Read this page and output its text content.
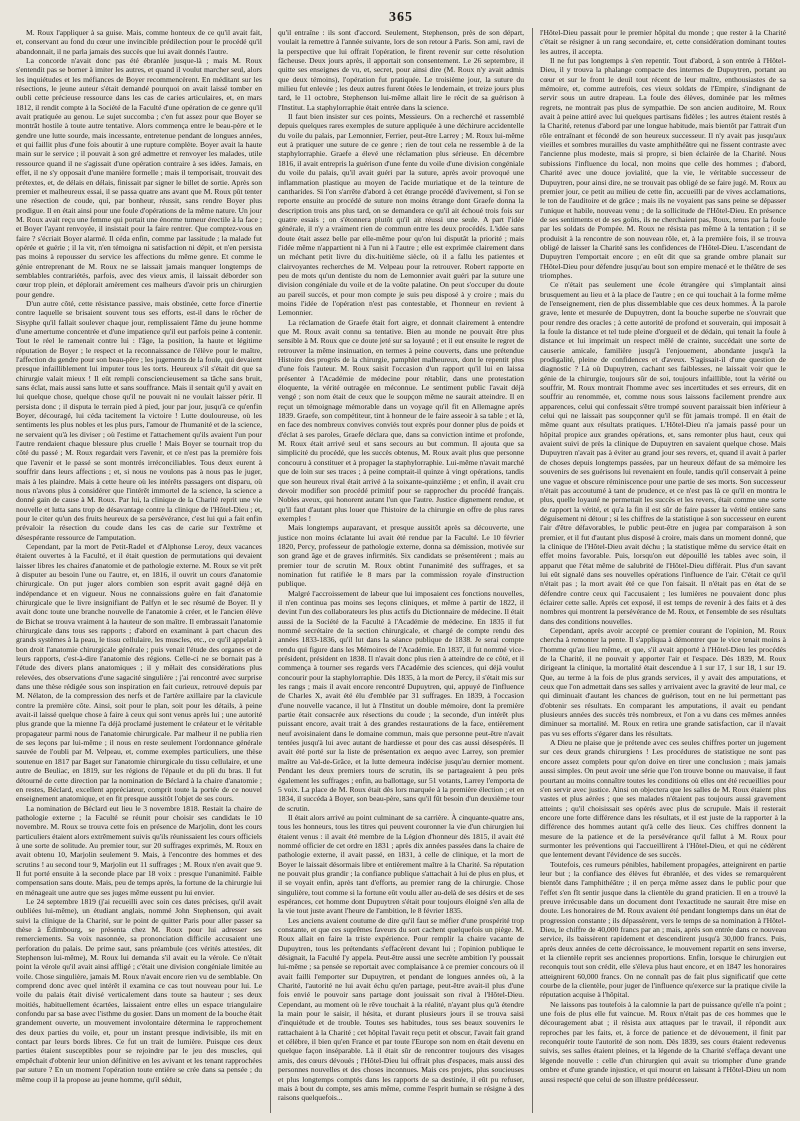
365

M. Roux l'appliquer à sa guise. Mais, comme honteux de ce qu'il avait fait, et, conservant au fond du cœur une invincible prédilection pour le procédé qu'il abandonnait, il ne parla jamais des succès que lui avait donnés l'autre.

La concorde n'avait donc pas été ébranlée jusque-là ; mais M. Roux s'entendit pas se borner à imiter les autres, et quand il voulut marcher seul, alors les inquiétudes et les méfiances de Boyer recommencèrent. En méditant sur les résections, le jeune auteur s'était demandé pourquoi on avait laissé tomber en oubli cette précieuse ressource dans les cas de caries articulaires, et, en mars 1812, il rendit compte à la Société de la Faculté d'une opération de ce genre qu'il avait pratiquée au genou. Le sujet succomba ; c'en fut assez pour que Boyer se montrât hostile à toute autre tentative. Alors commença entre le beau-père et le gendre une lutte sourde, mais incessante, entretenue pendant de longues années, et qui faillit plus d'une fois aboutir à une rupture complète. Boyer avait la haute main sur le service ; il pouvait à son gré admettre et renvoyer les malades, utile ressource quand il ne s'agissait d'une opération contraire à ses idées. Jamais, en effet, il ne s'y opposait d'une manière formelle ; mais il temporisait, trouvait des prétextes, et, de délais en délais, finissait par signer le billet de sortie. Après son premier et malheureux essai, il se passa quatre ans avant que M. Roux pût tenter une résection de coude, qui, par bonheur, réussit, sans rendre Boyer plus prodigue. Il en était ainsi pour une foule d'opérations de la même nature. Un jour M. Roux avait reçu une femme qui portait une énorme tumeur érectile à la face ; et Boyer l'ayant renvoyée, il insistait pour la faire rentrer. Que comptez-vous en faire ? s'écriait Boyer alarmé. Il céda enfin, comme par lassitude ; la malade fut opérée et guérie ; il la vit, n'en témoigna ni satisfaction ni dépit, et n'en persista pas moins à repousser du service les affections du même genre. Et comme le génie entreprenant de M. Roux ne se laissait jamais manquer longtemps de semblables contrariétés, parfois, avec des vieux amis, il laissait déborder son cœur trop plein, et déplorait amèrement ces malheurs d'avoir pris un chirurgien pour gendre.

D'un autre côté, cette résistance passive, mais obstinée, cette force d'inertie contre laquelle se brisaient souvent tous ses efforts, est-il dans le rôcher de Sisyphe qu'il fallait soulever chaque jour, remplissaient l'âme du jeune homme d'une amertume concentrée et d'une impatience qu'il eut parfois peine à contenir. Tout le réel le ramenait contre lui : l'âge, la position, la haute et légitime réputation de Boyer ; le respect et la reconnaissance de l'élève pour le maître, l'affection du gendre pour son beau-père ; les jugements de la foule, qui devaient presque infailliblement lui imputer tous les torts. Heureux s'il s'était dit que sa chirurgie valait mieux ! Il eût rempli consciencieusement sa tâche sans bruit, sans éclat, mais aussi sans lutte et sans souffrance. Mais il sentait qu'il y avait en lui quelque chose, quelque chose qu'il ne pouvait ni ne voulait laisser périr. Il persista donc ; il disputa le terrain pied à pied, jour par jour, jusqu'à ce qu'enfin Boyer, découragé, lui céda tacitement la victoire ! Lutte douloureuse, où les sentiments les plus nobles et les plus purs, l'amour de l'humanité et de la science, ne servaient qu'à les diviser ; où l'estime et l'attachement qu'ils avaient l'un pour l'autre rendaient chaque blessure plus cruelle ! Mais Boyer se tournait trop du côté du passé ; M. Roux regardait vers l'avenir, et ce n'est pas la première fois que l'avenir et le passé se sont montrés irréconciliables. Tous deux eurent à souffrir dans leurs affections ; et, si nous ne voulons pas à nous pas le juger, mais à les plaindre. Mais à cette heure où les intérêts passagers ont disparu, où nous n'avons plus à considérer que l'intérêt immortel de la science, la science a donné gain de cause à M. Roux. Par lui, la clinique de la Charité reprit une vie nouvelle et lutta sans trop de désavantage contre la clinique de l'Hôtel-Dieu ; et, pour le citer qu'un des fruits heureux de sa persévérance, c'est lui qui a fait enfin prévaloir la résection du coude dans les cas de carie sur l'extrême et désespérante ressource de l'amputation.

Cependant, par la mort de Petit-Radel et d'Alphonse Leroy, deux vacances étaient ouvertes à la Faculté, et il était question de permutations qui devaient laisser libres les chaires d'anatomie et de pathologie externe. M. Roux se vit prêt à disputer au besoin l'une ou l'autre, et, en 1816, il ouvrit un cours d'anatomie chirurgicale. On put juger alors combien son esprit avait gagné déjà en indépendance et en vigueur. Nous ne connaissions guère en fait d'anatomie chirurgicale que le livre insignifiant de Palfyn et le sec résumé de Boyer. Il y avait donc toute une branche nouvelle de l'anatomie à créer, et le l'ancien élève de Bichat se trouva vraiment à la hauteur de son maître. Il embrassait l'anatomie chirurgicale dans tous ses rapports ; d'abord en examinant à part chacun des grands systèmes à la peau, le tissu cellulaire, les muscles, etc., ce qu'il appelait à bon droit l'anatomie chirurgicale générale ; puis venait l'étude des organes et de leurs rapports, c'est-à-dire l'anatomie des régions. Celle-ci ne se bornait pas à l'étude des divers plans anatomiques ; il y mêlait des considérations plus relevées, des observations d'une sagacité singulière ; j'ai rencontré avec surprise dans une thèse rédigée sous son inspiration en fait curieux, retrouvé depuis par M. Nélaton, de la compression des nerfs et de l'artère axillaire par la clavicule contre la première côte. Ainsi, soit pour le plan, soit pour les détails, à peine avait-il laissé quelque chose à faire à ceux qui sont venus après lui ; une autorité plus grande que la mienne l'a déjà proclamé justement le créateur et le véritable propagateur parmi nous de l'anatomie chirurgicale. Par malheur il ne publia rien de ses leçons par lui-même ; il nous en reste seulement l'ordonnance générale sauvée de l'oubli par M. Velpeau, et, comme exemples particuliers, une thèse soutenue en 1817 par Baget sur l'anatomie chirurgicale du tissu cellulaire, et une autre de Beuliac, en 1819, sur les régions de l'épaule et du pli du bras. Il fut détourné de cette direction par la nomination de Béclard à la chaire d'anatomie ; en restes, Béclard, excellent appréciateur, comprit toute la portée de ce nouvel enseignement anatomique, et en fit presque aussitôt l'objet de ses cours.

La nomination de Béclard eut lieu le 3 novembre 1818. Restait la chaire de pathologie externe ; la Faculté se réunit pour choisir ses candidats le 10 novembre. M. Roux se trouva cette fois en présence de Marjolin, dont les cours particuliers étaient alors extrêmement suivis qu'ils réunissaient les cours officiels à une sorte de solitude. Au premier tour, sur 20 suffrages exprimés, M. Roux en avait obtenu 10, Marjolin seulement 9. Mais, à l'encontre des hommes et des scrutins ! au second tour 9, Marjolin eut 11 suffrages ; M. Roux n'en avait que 9. Il fut porté ensuite à la seconde place par 18 voix : presque l'unanimité. Faible compensation sans doute. Mais, peu de temps après, la fortune de la chirurgie lui en ménageait une autre que ses juges même eussent pu lui envier.

Le 24 septembre 1819 (j'ai recueilli avec soin ces dates précises, qu'il avait oubliées lui-même), un étudiant anglais, nommé John Stephenson, qui avait suivi la clinique de la Charité, sur le point de quitter Paris pour aller passer sa thèse à Édimbourg, se présenta chez M. Roux pour lui adresser ses remerciements. Sa voix nasonnée, sa prononciation difficile accusaient une perforation du palais. De prime saut, sans préambule (ces vérités attestées, dit Stephenson lui-même), M. Roux lui demanda s'il avait eu la vérole. Ce n'était point la vérole qu'il avait ainsi affligé ; c'était une division congéniale limitée au voile. Chose singulière, jamais M. Roux n'avait encore rien vu de semblable. On comprend donc avec quel intérêt il examina ce cas tout nouveau pour lui. Le voile du palais était divisé verticalement dans toute sa hauteur ; ses deux moitiés, habituellement écartées, laissaient entre elles un espace triangulaire confondu par sa base avec l'isthme du gosier. Dans un moment de la bouche était grandement ouverte, un mouvement involontaire détermina le rapprochement des deux parties du voile, et, pour un instant presque indivisible, ils mit en contact par leurs bords libres. Ce fut un trait de lumière. Puisque ces deux parties étaient susceptibles pour se rejoindre par le jeu des muscles, qui empêchait d'obtenir leur union définitive en les avivant et les tenant rapprochées par suture ? En un moment l'opération toute entière se crée dans sa pensée ; du même coup il la propose au jeune homme, qu'il séduit,

qu'il entraîne : ils sont d'accord. Seulement, Stephenson, près de son départ, voulait la remettre à l'année suivante, lors de son retour à Paris. Son ami, ravi de la perspective que lui offrait l'opération, le firent revenir sur cette résolution fâcheuse. Deux jours après, il apportait son consentement. Le 26 septembre, il quitte ses enseignes de vu, et, secret, pour ainsi dire (M. Roux n'y avait admis que deux témoins), l'opération fut pratiquée. Le troisième jour, la suture du milieu fut enlevée ; les deux autres furent ôtées le lendemain, et treize jours plus tard, le 11 octobre, Stephenson lui-même allait lire le récit de sa guérison à l'Institut. La staphylorraphie était entrée dans la science.

Il faut bien insister sur ces points, Messieurs. On a recherché et rassemblé depuis quelques rares exemples de suture appliquée à une déchirure accidentelle du voile du palais, par Lemonnier, Ferrier, peut-être Larrey ; M. Roux lui-même eut à pratiquer une suture de ce genre ; rien de tout cela ne ressemble à de la staphylorraphie. Graefe a élevé une réclamation plus sérieuse. En décembre 1816, il avait entrepris la guérison d'une fente du voile d'une division congéniale du voile du palais, qu'il avait guéri par la suture, après avoir provoqué une inflammation plastique au moyen de l'acide muriatique et de la teinture de cantharides. Si l'on s'arrête d'abord à cet étrange procédé d'avivement, si l'on se reporte ensuite au procédé de suture non moins étrange dont Graefe donna la description trois ans plus tard, on se demandera ce qu'il ait échoué trois fois sur quatre essais ; on s'étonnera plutôt qu'il ait réussi une seule. A part l'idée générale, il n'y a vraiment rien de commun entre les deux procédés. L'idée sans doute était assez belle par elle-même pour qu'on lui disputât la priorité ; mais l'idée même n'appartient ni à l'un ni à l'autre ; elle est exprimée clairement dans un méchant petit livre du dix-huitième siècle, où il a fallu les patientes et clairvoyantes recherches de M. Velpeau pour la retrouver. Robert rapporte en peu de mots qu'un dentiste du nom de Lemonnier avait guéri par la suture une division congéniale du voile et de la voûte palatine. On peut s'occuper du doute au pareil succès, et pour mon compte je suis peu disposé à y croire ; mais du moins l'idée de l'opération n'est pas contestable, et l'honneur en revient à Lemonnier.

La réclamation de Graefe était fort aigre, et donnait clairement à entendre que M. Roux avait connu sa tentative. Bien au monde ne pouvait être plus sensible à M. Roux que ce doute jeté sur sa loyauté ; et il eut ensuite le regret de retrouver la même insinuation, en termes à peine couverts, dans une prétendue Histoire des progrès de la chirurgie, pamphlet malheureux, dont le repentit plus d'une fois l'auteur. M. Roux saisit l'occasion d'un rapport qu'il lui en laissa présenter à l'Académie de médecine pour rétablir, dans une protestation éloquente, la vérité outragée en méconnue. Le sentiment public l'avait déjà vengé ; son nom était de ceux que le soupçon même ne saurait atteindre. Il en reçut un témoignage mémorable dans un voyage qu'il fit en Allemagne après 1839. Graefe, son compétiteur, tint à honneur de le faire asseoir à sa table ; et là, en face des nombreux convives conviés tout exprès pour donner plus de poids et d'éclat à ses paroles, Graefe déclara que, dans sa conviction intime et profonde, M. Roux était arrivé seul et sans secours au but commun. Il ajouta que sa simplicité du procédé, que les succès obtenus, M. Roux avait plus que personne concouru à constituer et à propager la staphylorraphie. Lui-même n'avait marché que de loin sur ses traces ; à peine comptait-il quinze à vingt opérations, tandis que son heureux rival était arrivé à la soixante-quinzième ; et enfin, il avait cru devoir modifier son procédé primitif pour se rapprocher du procédé français. Nobles aveux, qui honorent autant l'un que l'autre. Justice dignement rendue, et qu'il faut d'autant plus louer que l'histoire de la chirurgie en offre de plus rares exemples !

Mais longtemps auparavant, et presque aussitôt après sa découverte, une justice non moins éclatante lui avait été rendue par la Faculté. Le 10 février 1820, Percy, professeur de pathologie externe, donna sa démission, motivée sur son grand âge et de graves infirmités. Six candidats se présentèrent ; mais au premier tour de scrutin M. Roux obtint l'unanimité des suffrages, et sa nomination fut ratifiée le 8 mars par la commission royale d'instruction publique.

Malgré l'accroissement de labeur que lui imposaient ces fonctions nouvelles, il n'en continua pas moins ses leçons cliniques, et même à partir de 1822, il devint l'un des collaborateurs les plus actifs du Dictionnaire de médecine. Il était aussi de la Société de la Faculté à l'Académie de médecine. En 1835 il fut nommé secrétaire de la section chirurgicale, et chargé de compte rendu des années 1833-1836, qu'il lut dans la séance publique de 1838. Je serai compte rendu qui figure dans les Mémoires de l'Académie. En 1837, il fut nommé vice-président, président en 1838. Il n'avait donc plus rien à atteindre de ce côté, et il commença à tourner ses regards vers l'Académie des sciences, qui déjà voulut concourir pour la staphylorraphie. Dès 1835, à la mort de Percy, il s'était mis sur les rangs ; mais il avait encore rencontré Dupuytren, qui, appuyé de l'influence de Charles X, avait été élu d'emblée par 31 suffrages. En 1839, à l'occasion d'une nouvelle vacance, il lut à l'Institut un double mémoire, dont la première partie était consacrée aux résections du coude ; la seconde, d'un intérêt plus puissant encore, avait trait à des grandes restaurations de la face, entièrement neuf avoisinaient dans le domaine commun, mais que personne peut-être n'avait tentées jusqu'à lui avec autant de hardiesse et pour des cas aussi désespérés. Il avait été porté sur la liste de présentation ex aequo avec Larrey, son premier maître au Val-de-Grâce, et la lutte demeura indécise jusqu'au dernier moment. Pendant les deux premiers tours de scrutin, ils se partageaient à peu près également les suffrages ; enfin, au ballottage, sur 51 votants, Larrey l'emporta de 5 voix. La place de M. Roux était dès lors marquée à la première élection ; et en 1834, il succéda à Boyer, son beau-père, sans qu'il fût besoin d'un deuxième tour de scrutin.

Il était alors arrivé au point culminant de sa carrière. À cinquante-quatre ans, tous les honneurs, tous les titres qui peuvent couronner la vie d'un chirurgien lui étaient venus : il avait été membre de la Légion d'honneur dès 1815, il avait été nommé officier de cet ordre en 1831 ; après dix années passées dans la chaire de pathologie externe, il avait passé, en 1831, à celle de clinique, et la mort de Boyer le laissait désormais libre et entièrement maître à la Charité. Sa réputation ne pouvait plus grandir ; la confiance publique s'attachait à lui de plus en plus, et il se voyait enfin, après tant d'efforts, au premier rang de la chirurgie. Chose singulière, tout comme si la fortune eût voulu aller au-delà de ses désirs et de ses espérances, cet homme dont Dupuytren s'était pour toujours éloigné s'en alla de la vie tout juste avant l'heure de l'ambition, le 8 février 1835.

Les anciens avaient coutume de dire qu'il faut se méfier d'une prospérité trop constante, et que ces suprêmes faveurs du sort cachent quelquefois un piège. M. Roux allait en faire la triste expérience. Pour remplir la chaire vacante de Dupuytren, tous les prétendants s'effacèrent devant lui ; l'opinion publique le désignait, la Faculté l'y appela. Peut-être aussi une secrète ambition l'y poussait lui-même ; sa pensée se reportait avec complaisance à ce premier concours où il avait failli l'emporter sur Dupuytren, et pendant de longues années où, à la Charité, l'autorité ne lui avait échu qu'en partage, peut-être avait-il plus d'une fois envié le pouvoir sans partage dont jouissait son rival à l'Hôtel-Dieu. Cependant, au moment où le rêve touchait à la réalité, n'ayant plus qu'à étendre la main pour le saisir, il hésita, et durant plusieurs jours il se trouva saisi d'inquiétude et de trouble. Toutes ses habitudes, tous ses beaux souvenirs le rattachaient à la Charité ; cet hôpital l'avait reçu petit et obscur, l'avait fait grand et célèbre, il bien qu'en France et par toute l'Europe son nom en était devenu en quelque façon inséparable. Là il était sûr de rencontrer toujours des visages amis, des cœurs dévoués ; l'Hôtel-Dieu lui offrait plus d'espaces, mais aussi des personnes nouvelles et des choses inconnues. Mais ces projets, plus soucieuses et plus longtemps comptés dans les rapports de sa destinée, il eût pu refuser, mais à bout du compte, ses amis même, comme l'esprit humain se résigne à des raisons quelquefois...

l'Hôtel-Dieu passait pour le premier hôpital du monde ; que rester à la Charité c'était se résigner à un rang secondaire, et, cette considération dominant toutes les autres, il accepta.

Il ne fut pas longtemps à s'en repentir. Tout d'abord, à son entrée à l'Hôtel-Dieu, il y trouva la phalange compacte des internes de Dupuytren, portant au cœur et sur le front le deuil tout récent de leur maître, enthousiastes de sa mémoire, et, comme autrefois, ces vieux soldats de l'Empire, s'indignant de servir sous un autre drapeau. La foule des élèves, dominée par les mêmes regrets, ne montrait pas plus de sympathie. De son ancien auditoire, M. Roux avait à peine attiré avec lui quelques partisans fidèles ; les autres étaient restés à la Charité, retenus d'abord par une longue habitude, mais bientôt par l'attrait d'un rôle entraînant et fécondé de son heureux successeur. Il n'y avait pas jusqu'aux vieilles et sombres murailles du vaste amphithéâtre qui ne fissent contraste avec l'ancienne plus modeste, mais si propre, si bien éclairée de la Charité. Nous subissions l'influence du local, non moins que celle des hommes ; d'abord, Charité avec une douce jovialité, que la vie, le véritable successeur de Dupuytren, pour ainsi dire, ne se trouvait pas obligé de se faire jugé. M. Roux au premier jour, ce petit au milieu de cette fin, accueilli par de vives acclamations, le ton de l'auditoire et de grâce ; mais ils ne voyaient pas sans peine se dépasser l'unique et habile, nouveau venu ; de la sollicitude de l'Hôtel-Dieu. En présence de ses sentiments et de ses goûts, ils ne cherchaient pas, Roux, tenus par la foule par les soldats de Pompée. M. Roux ne résista pas même à la tentation ; il se produisit à la rencontre de son nouveau rôle, et, à la première fois, il se trouva obligé de laisser la Charité sans les confidences de l'Hôtel-Dieu. L'ascendant de Dupuytren l'emportait encore ; en eût dit que sa grande ombre planait sur l'Hôtel-Dieu pour défendre jusqu'au bout son empire menacé et le théâtre de ses triomphes.

Ce n'était pas seulement une école étrangère qui s'implantait ainsi brusquement au lieu et à la place de l'autre ; en ce qui touchait à la forme même de l'enseignement, rien de plus dissemblable que ces deux hommes. À la parole grave, lente et mesurée de Dupuytren, dont la bouche superbe ne s'ouvrait que pour rendre des oracles ; à cette autorité de profond et souverain, qui imposait à la foule la distance et tel tude pleine d'orgueil et de dédain, qui tenait la foule à distance et lui imprimait un respect mêlé de crainte, succédait une sorte de causerie amicale, familière jusqu'à l'enjouement, abondante jusqu'à la prodigalité, pleine de confidences et d'aveux. S'agissait-il d'une question de diagnostic ? Là où Dupuytren, cachant ses faiblesses, ne laissait voir que le génie de la chirurgie, toujours sûr de soi, toujours infaillible, tout la vérité ou souffrir, M. Roux montrait l'homme avec ses incertitudes et ses erreurs, dit en souffrir au renommée, et, comme nous sous laissons facilement prendre aux apparences, celui qui confessait s'être trompé souvent paraissait bien inférieur à celui qui ne laissait pas soupçonner qu'il se fût jamais trompé. Il en était de même quant aux résultats pratiques. L'Hôtel-Dieu n'a jamais passé pour un hôpital propice aux grandes opérations, et, sans remonter plus haut, ceux qui avaient suivi de près la clinique de Dupuytren en savaient quelque chose. Mais Dupuytren n'avait pas à éviter au grand jour ses revers, et, quand il avait à parler de choses depuis longtemps passées, par un heureux défaut de sa mémoire les souvenirs de ses guérisons lui revenaient en foule, tandis qu'il conservait à peine une vague et obscure réminiscence pour une partie de ses morts. Son successeur n'était pas accoutumé à tant de prudence, et ce n'est pas là ce qu'il en montra le plus, quelle loyauté ne permettait les succès et les revers, était comme une sorte de rapport la vérité, et qu'a la fin il est sûr de faire passer la vérité entière sans déguisement ni détour ; si les chiffres de la statistique à son successeur en eurent l'air d'être défavorables, le public peut-être en jugea par comparaison à son premier, et il fut d'autant plus disposé à croire, mais dans un moment donné, que la clinique de l'Hôtel-Dieu avait déchu ; la statistique même du service était en effet moins favorable. Puis, lorsqu'on eut dépouillé les tables avec soin, il apparut que l'état même de salubrité de l'Hôtel-Dieu différait. Plus d'un savant lui eût signalé dans ses nouvelles opérations l'influence de l'air. C'était ce qu'il n'était pas ; la mort avait été ce que l'on faisait. Il n'était pas en état de se défendre contre ceux qui l'accusaient ; les lumières ne pouvaient donc plus éclairer cette salle. Après cet exposé, il est temps de revenir à des faits et à des nombres qui montrent la persévérance de M. Roux, et l'ensemble de ses résultats dans des conditions nouvelles.

Cependant, après avoir accepté ce premier courant de l'opinion, M. Roux chercha à remonter la pente. Il s'appliqua à démontrer que le vice tenait moins à l'homme qu'au lieu même, et que, s'il avait apporté à l'Hôtel-Dieu les procédés de la Charité, il ne pouvait y apporter l'air et l'espace. Dès 1839, M. Roux dirigeant la clinique, la mortalité était descendue à 1 sur 17, 1 sur 18, 1 sur 19. Que, au terme à la fois de plus grands services, il y avait des amputations, et ceux que l'on admettait dans ses salles y arrivaient avec la gravité de leur mal, ce qui diminuait d'autant les chances de guérison, tout en ne lui permettant pas d'obtenir ses résultats. En comparant les amputations, il avait eu pendant plusieurs années des succès très nombreux, et l'on a vu dans ces mêmes années diminuer sa mortalité. M. Roux en retira une grande satisfaction, car il n'avait pas vu ses efforts s'égarer dans les résultats.

A Dieu ne plaise que je prétende avec ces seules chiffres porter un jugement sur ces deux grands chirurgiens ! Les procédures de statistique ne sont pas encore assez complets pour qu'on doive en tirer une conclusion ; mais jamais aussi simples. On peut avoir une série que l'on trouve bonne ou mauvaise, il faut pourtant au moins connaître toutes les conditions où elles ont été recueillies pour s'en servir avec justice. Ainsi on objectera que les salles de M. Roux étaient plus vastes et plus aérées ; que ses malades n'étaient pas toujours aussi gravement atteints ; qu'il choisissait ses opérés avec plus de scrupule. Mais il resterait encore une forte différence dans les résultats, et il est juste de la rapporter à la différence des hommes autant qu'à celle des lieux. Ces chiffres donnent la mesure de la patience et de la persévérance qu'il fallut à M. Roux pour surmonter les préventions qui l'accueillirent à l'Hôtel-Dieu, et qui ne cédèrent que lentement devant l'évidence de ses succès.

Toutefois, ces rumeurs pénibles, habilement propagées, atteignirent en partie leur but ; la confiance des élèves fut ébranlée, et des vides se remarquèrent bientôt dans l'amphithéâtre ; il en perça même assez dans le public pour que l'effet s'en fît sentir jusque dans la clientèle du grand praticien. Il en a trouvé la preuve irrécusable dans un document dont l'exactitude ne saurait être mise en doute. Les honoraires de M. Roux avaient été pendant longtemps dans un état de progression constante ; ils dépassèrent, vers le temps de sa nomination à l'Hôtel-Dieu, le chiffre de 40,000 francs par an ; mais, après son entrée dans ce nouveau service, ils baissèrent rapidement et descendirent jusqu'à 30,000 francs. Puis, après deux années de cette décroissance, le mouvement repartit en sens inverse, et la clientèle reprit ses anciennes proportions. Enfin, lorsque le chirurgien eut reconquis tout son crédit, elle s'éleva plus haut encore, et en 1847 les honoraires atteignirent 60,000 francs. On ne connaît pas de fait plus significatif que cette courbe de la clientèle, pour juger de l'influence qu'exerce sur la pratique civile la réputation acquise à l'hôpital.

Ne laissons pas toutefois à la calomnie la part de puissance qu'elle n'a point ; une fois de plus elle fut vaincue. M. Roux n'était pas de ces hommes que le découragement abat ; il résista aux attaques par le travail, il répondit aux reproches par les faits, et, à force de patience et de dévouement, il finit par reconquérir toute l'autorité de son nom. Dès 1839, ses cours étaient redevenus suivis, ses salles étaient pleines, et la légende de la Charité s'effaça devant une légende nouvelle : celle d'un chirurgien qui avait su triompher d'une grande ombre et d'une grande injustice, et qui mourut en laissant à l'Hôtel-Dieu un nom aussi respecté que celui de son illustre prédécesseur.
